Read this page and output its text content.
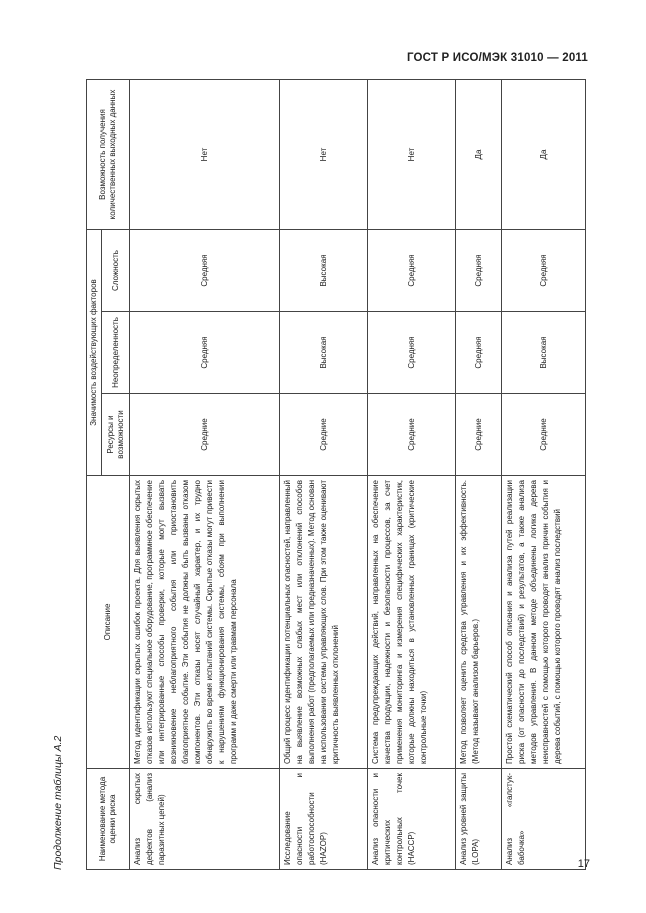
ГОСТ Р ИСО/МЭК 31010 — 2011
Продолжение таблицы А.2	Наименование метода оценки риска	Описание	Значимость воздействующих факторов			Возможность получения количественных выходных данных
		Ресурсы и возможности	Неопределенность	Сложность	
Анализ скрытых дефектов (анализ паразитных цепей)	Метод идентификации скрытых ошибок проекта. Для выявления скрытых отказов используют специальное оборудование, программное обеспечение или интегрированные способы проверки, которые могут вызвать возникновение неблагоприятного события или приостановить благоприятное событие. Эти события не должны быть вызваны отказом компонентов. Эти отказы носят случайный характер, и их трудно обнаружить во время испытаний системы. Скрытые отказы могут привести к нарушениям функционирования системы, сбоям при выполнении программ и даже смерти или травмам персонала	Средние	Средняя	Средняя	Нет
Исследование опасности и работоспособности (HAZOP)	Общий процесс идентификации потенциальных опасностей, направленный на выявление возможных слабых мест или отклонений способов выполнения работ (предполагаемых или предназначенных). Метод основан на использовании системы управляющих слов. При этом также оценивают критичность выявленных отклонений	Средние	Высокая	Высокая	Нет
Анализ опасности и критических контрольных точек (HACCP)	Система предупреждающих действий, направленных на обеспечение качества продукции, надежности и безопасности процессов, за счет применения мониторинга и измерения специфических характеристик, которые должны находиться в установленных границах (критические контрольные точки)	Средние	Средняя	Средняя	Нет
Анализ уровней защиты (LOPA)	Метод позволяет оценить средства управления и их эффективность. (Метод называют анализом барьеров.)	Средние	Средняя	Средняя	Да
Анализ «галстук-бабочка»	Простой схематический способ описания и анализа путей реализации риска (от опасности до последствий) и результатов, а также анализа методов управления. В данном методе объединены логика дерева неисправностей с помощью которого проводят анализ причин события и дерева событий, с помощью которого проводят анализ последствий	Средние	Высокая	Средняя	Да
17
